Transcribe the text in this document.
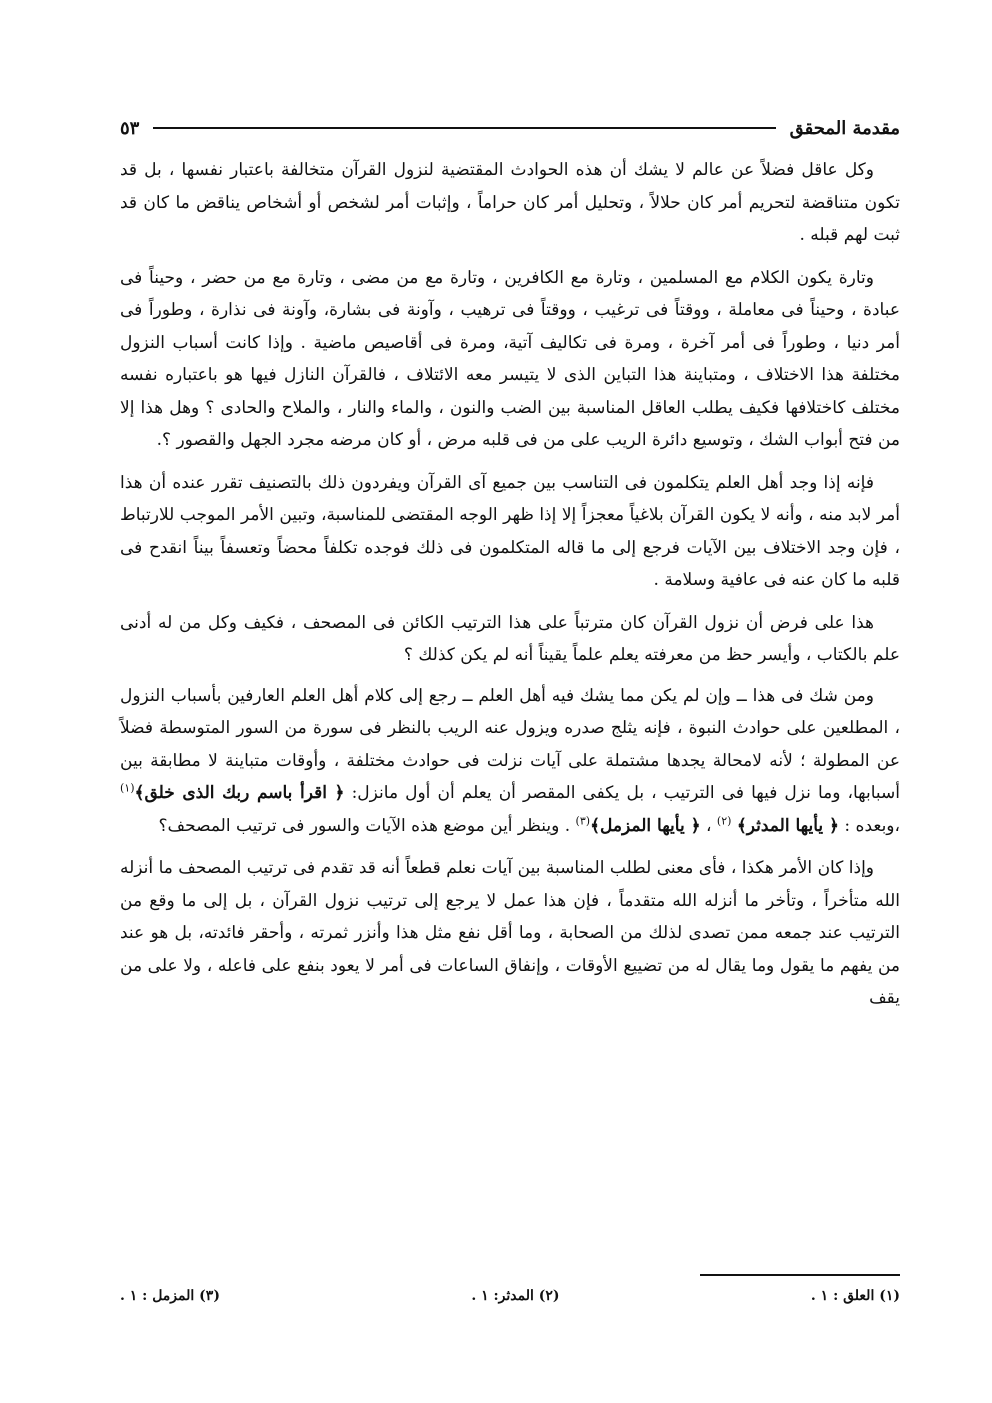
مقدمة المحقق
٥٣

وكل عاقل فضلاً عن عالم لا يشك أن هذه الحوادث المقتضية لنزول القرآن متخالفة باعتبار نفسها ، بل قد تكون متناقضة لتحريم أمر كان حلالاً ، وتحليل أمر كان حراماً ، وإثبات أمر لشخص أو أشخاص يناقض ما كان قد ثبت لهم قبله .

وتارة يكون الكلام مع المسلمين ، وتارة مع الكافرين ، وتارة مع من مضى ، وتارة مع من حضر ، وحيناً فى عبادة ، وحيناً فى معاملة ، ووقتاً فى ترغيب ، ووقتاً فى ترهيب ، وآونة فى بشارة، وآونة فى نذارة ، وطوراً فى أمر دنيا ، وطوراً فى أمر آخرة ، ومرة فى تكاليف آتية، ومرة فى أقاصيص ماضية . وإذا كانت أسباب النزول مختلفة هذا الاختلاف ، ومتباينة هذا التباين الذى لا يتيسر معه الائتلاف ، فالقرآن النازل فيها هو باعتباره نفسه مختلف كاختلافها فكيف يطلب العاقل المناسبة بين الضب والنون ، والماء والنار ، والملاح والحادى ؟ وهل هذا إلا من فتح أبواب الشك ، وتوسيع دائرة الريب على من فى قلبه مرض ، أو كان مرضه مجرد الجهل والقصور ؟.

فإنه إذا وجد أهل العلم يتكلمون فى التناسب بين جميع آى القرآن ويفردون ذلك بالتصنيف تقرر عنده أن هذا أمر لابد منه ، وأنه لا يكون القرآن بلاغياً معجزاً إلا إذا ظهر الوجه المقتضى للمناسبة، وتبين الأمر الموجب للارتباط ، فإن وجد الاختلاف بين الآيات فرجع إلى ما قاله المتكلمون فى ذلك فوجده تكلفاً محضاً وتعسفاً بيناً انقدح فى قلبه ما كان عنه فى عافية وسلامة .

هذا على فرض أن نزول القرآن كان مترتباً على هذا الترتيب الكائن فى المصحف ، فكيف وكل من له أدنى علم بالكتاب ، وأيسر حظ من معرفته يعلم علماً يقيناً أنه لم يكن كذلك ؟

ومن شك فى هذا ــ وإن لم يكن مما يشك فيه أهل العلم ــ رجع إلى كلام أهل العلم العارفين بأسباب النزول ، المطلعين على حوادث النبوة ، فإنه يثلج صدره ويزول عنه الريب بالنظر فى سورة من السور المتوسطة فضلاً عن المطولة ؛ لأنه لامحالة يجدها مشتملة على آيات نزلت فى حوادث مختلفة ، وأوقات متباينة لا مطابقة بين أسبابها، وما نزل فيها فى الترتيب ، بل يكفى المقصر أن يعلم أن أول مانزل: ﴿ اقرأ باسم ربك الذى خلق﴾$^{(١)}$ ،وبعده : ﴿ يأيها المدثر﴾ $^{(٢)}$ ، ﴿ يأيها المزمل﴾$^{(٣)}$ . وينظر أين موضع هذه الآيات والسور فى ترتيب المصحف؟

وإذا كان الأمر هكذا ، فأى معنى لطلب المناسبة بين آيات نعلم قطعاً أنه قد تقدم فى ترتيب المصحف ما أنزله الله متأخراً ، وتأخر ما أنزله الله متقدماً ، فإن هذا عمل لا يرجع إلى ترتيب نزول القرآن ، بل إلى ما وقع من الترتيب عند جمعه ممن تصدى لذلك من الصحابة ، وما أقل نفع مثل هذا وأنزر ثمرته ، وأحقر فائدته، بل هو عند من يفهم ما يقول وما يقال له من تضييع الأوقات ، وإنفاق الساعات فى أمر لا يعود بنفع على فاعله ، ولا على من يقف

(١) العلق : ١ .
(٢) المدثر: ١ .
(٣) المزمل : ١ .
